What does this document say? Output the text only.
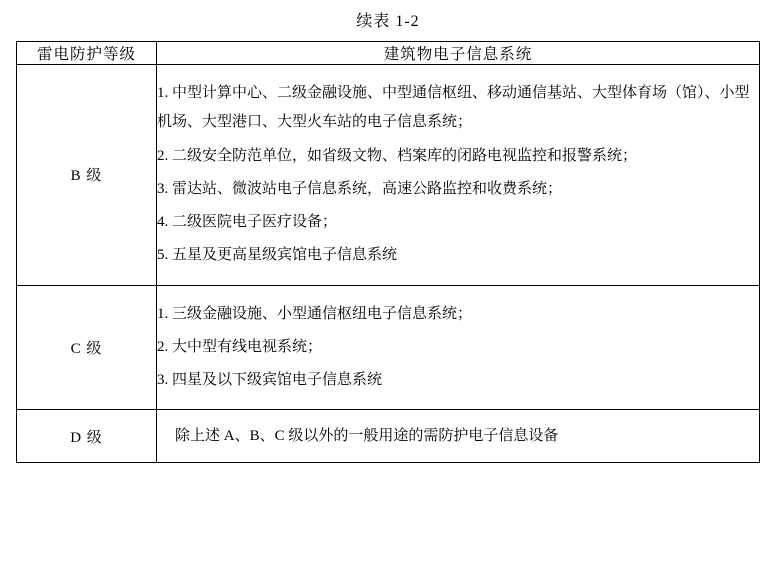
续表 1-2
雷电防护等级	建筑物电子信息系统
B 级	1. 中型计算中心、二级金融设施、中型通信枢纽、移动通信基站、大型体育场（馆）、小型机场、大型港口、大型火车站的电子信息系统；

2. 二级安全防范单位，如省级文物、档案库的闭路电视监控和报警系统；

3. 雷达站、微波站电子信息系统，高速公路监控和收费系统；

4. 二级医院电子医疗设备；

5. 五星及更高星级宾馆电子信息系统

C 级	1. 三级金融设施、小型通信枢纽电子信息系统；

2. 大中型有线电视系统；

3. 四星及以下级宾馆电子信息系统

D 级	除上述 A、B、C 级以外的一般用途的需防护电子信息设备
